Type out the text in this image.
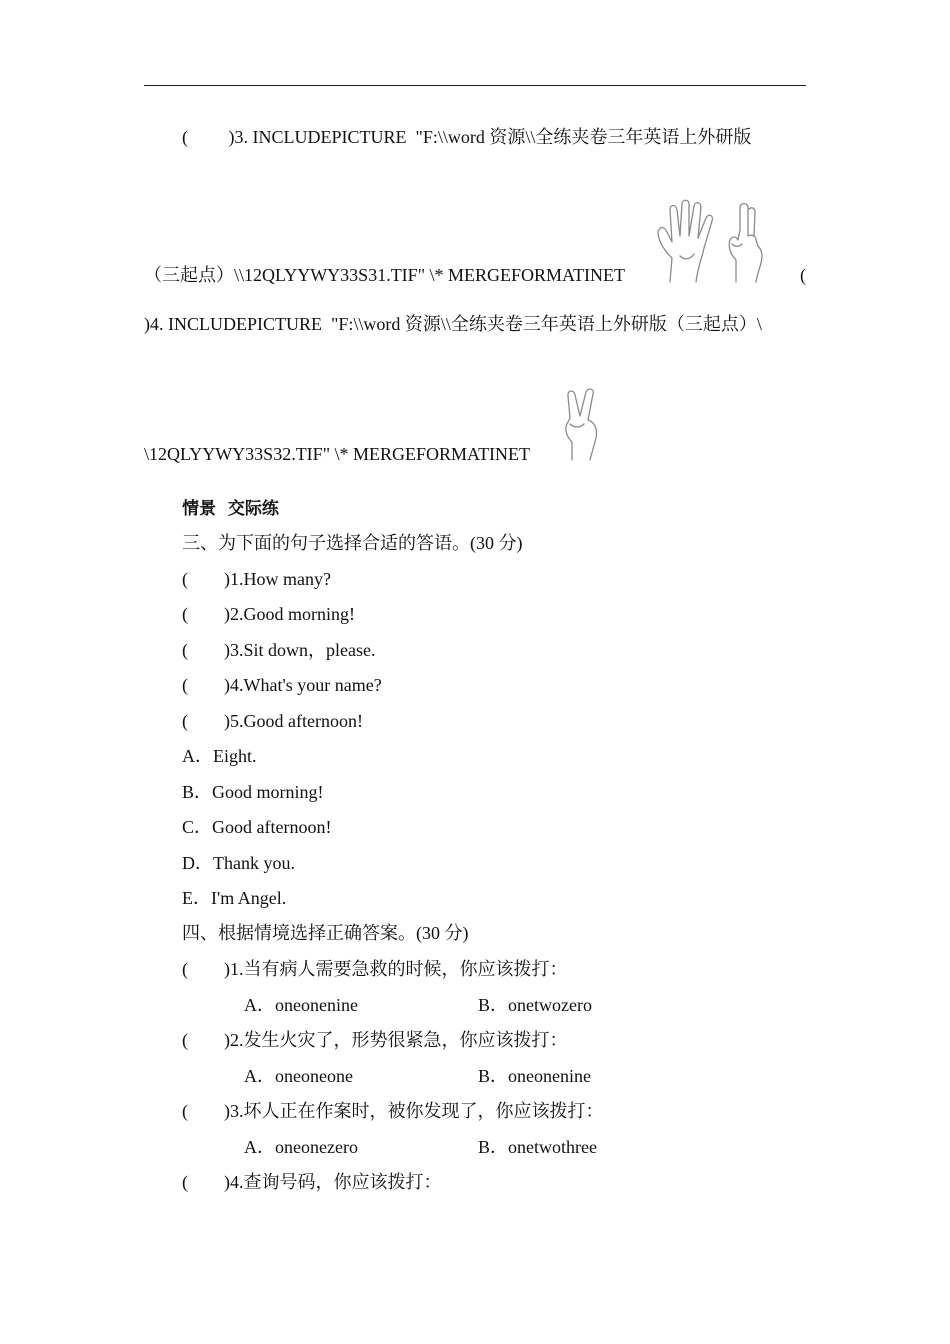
(         )3. INCLUDEPICTURE  "F:\\word 资源\\全练夹卷三年英语上外研版
（三起点）\\12QLYYWY33S31.TIF" \* MERGEFORMATINET	(
)4. INCLUDEPICTURE  "F:\\word 资源\\全练夹卷三年英语上外研版（三起点）\
\12QLYYWY33S32.TIF" \* MERGEFORMATINET
情景  交际练
三、为下面的句子选择合适的答语。(30 分)
(        )1.How many?
(        )2.Good morning!
(        )3.Sit down，please.
(        )4.What's your name?
(        )5.Good afternoon!
A．Eight.
B．Good morning!
C．Good afternoon!
D．Thank you.
E．I'm Angel.
四、根据情境选择正确答案。(30 分)
(        )1.当有病人需要急救的时候，你应该拨打：
A．oneonenine	B．onetwozero
(        )2.发生火灾了，形势很紧急，你应该拨打：
A．oneoneone	B．oneonenine
(        )3.坏人正在作案时，被你发现了，你应该拨打：
A．oneonezero	B．onetwothree
(        )4.查询号码，你应该拨打：
